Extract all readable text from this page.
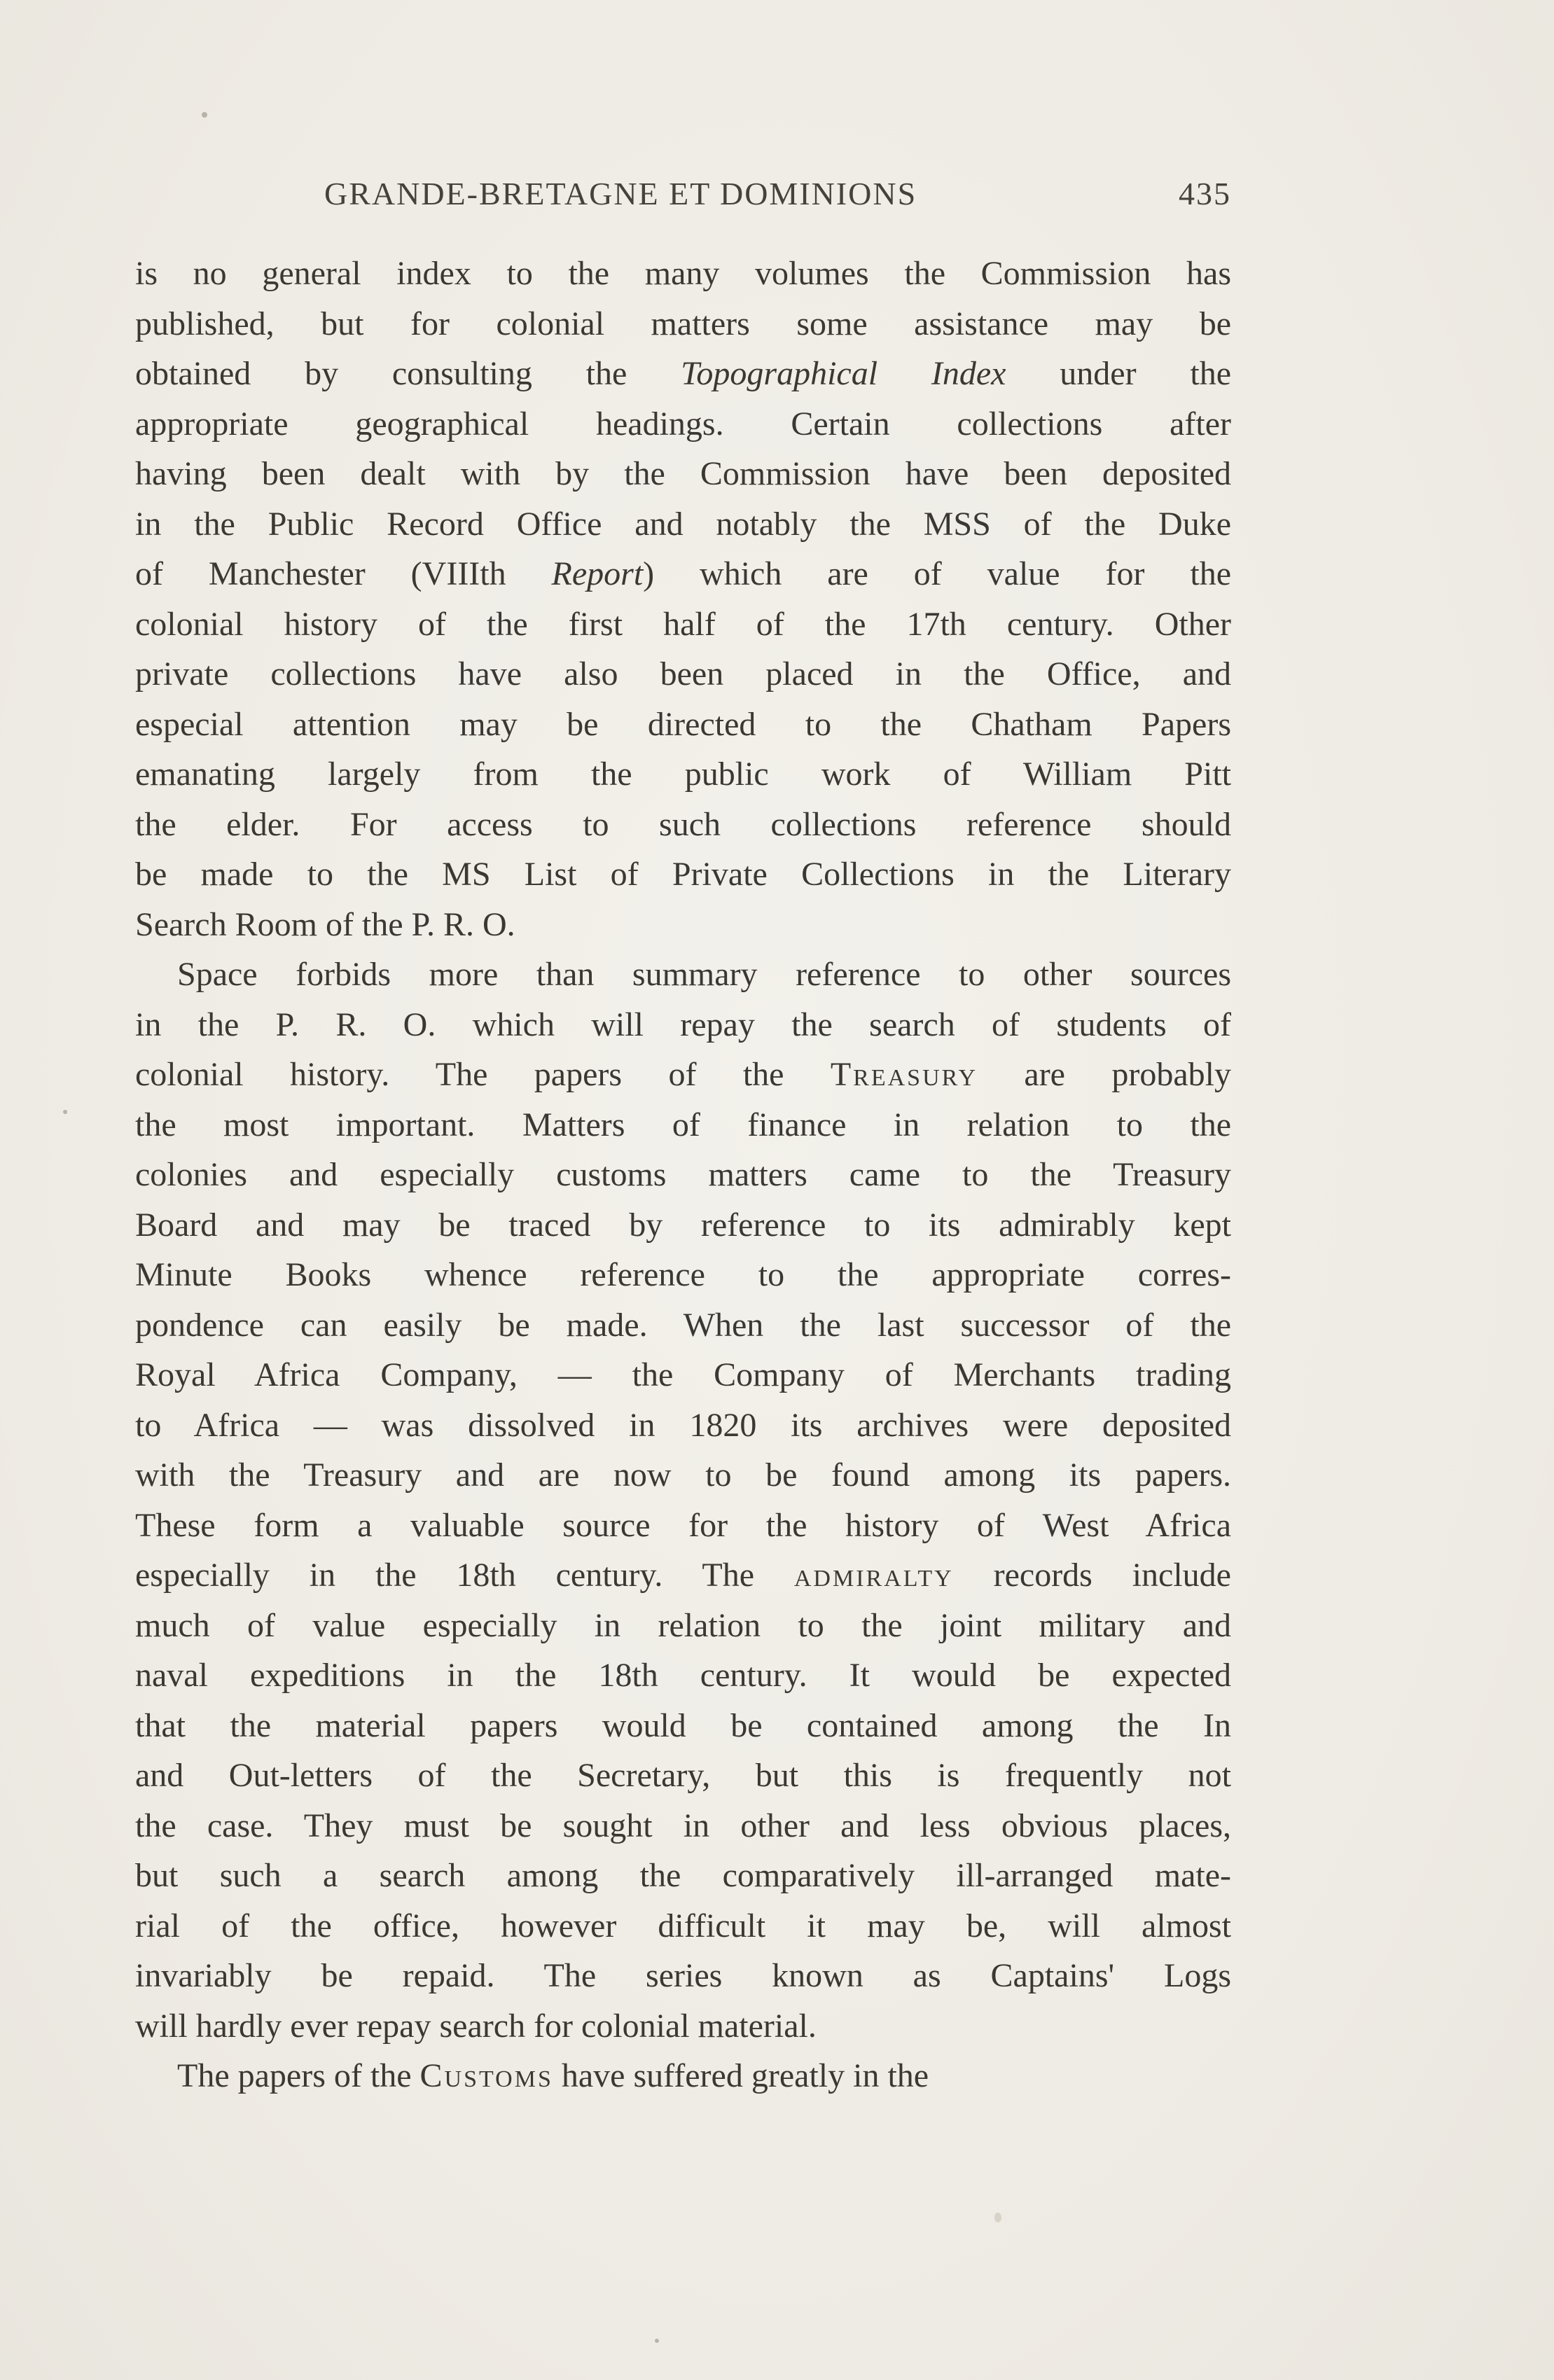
GRANDE-BRETAGNE ET DOMINIONS	435
is no general index to the many volumes the Commission has
published, but for colonial matters some assistance may be
obtained by consulting the Topographical Index under the
appropriate geographical headings. Certain collections after
having been dealt with by the Commission have been deposited
in the Public Record Office and notably the MSS of the Duke
of Manchester (VIIIth Report) which are of value for the
colonial history of the first half of the 17th century. Other
private collections have also been placed in the Office, and
especial attention may be directed to the Chatham Papers
emanating largely from the public work of William Pitt
the elder. For access to such collections reference should
be made to the MS List of Private Collections in the Literary
Search Room of the P. R. O.
Space forbids more than summary reference to other sources
in the P. R. O. which will repay the search of students of
colonial history. The papers of the Treasury are probably
the most important. Matters of finance in relation to the
colonies and especially customs matters came to the Treasury
Board and may be traced by reference to its admirably kept
Minute Books whence reference to the appropriate corres-
pondence can easily be made. When the last successor of the
Royal Africa Company, — the Company of Merchants trading
to Africa — was dissolved in 1820 its archives were deposited
with the Treasury and are now to be found among its papers.
These form a valuable source for the history of West Africa
especially in the 18th century. The admiralty records include
much of value especially in relation to the joint military and
naval expeditions in the 18th century. It would be expected
that the material papers would be contained among the In
and Out-letters of the Secretary, but this is frequently not
the case. They must be sought in other and less obvious places,
but such a search among the comparatively ill-arranged mate-
rial of the office, however difficult it may be, will almost
invariably be repaid. The series known as Captains' Logs
will hardly ever repay search for colonial material.
The papers of the Customs have suffered greatly in the
